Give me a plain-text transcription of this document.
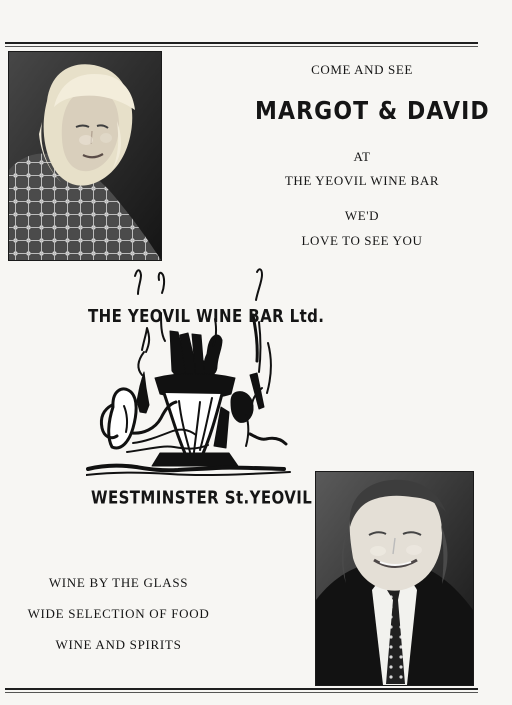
COME AND SEE
MARGOT & DAVID
AT
THE YEOVIL WINE BAR
WE'D
LOVE TO SEE YOU
THE YEOVIL WINE BAR Ltd.
WESTMINSTER St.YEOVIL
WINE BY THE GLASS
WIDE SELECTION OF FOOD
WINE AND SPIRITS
